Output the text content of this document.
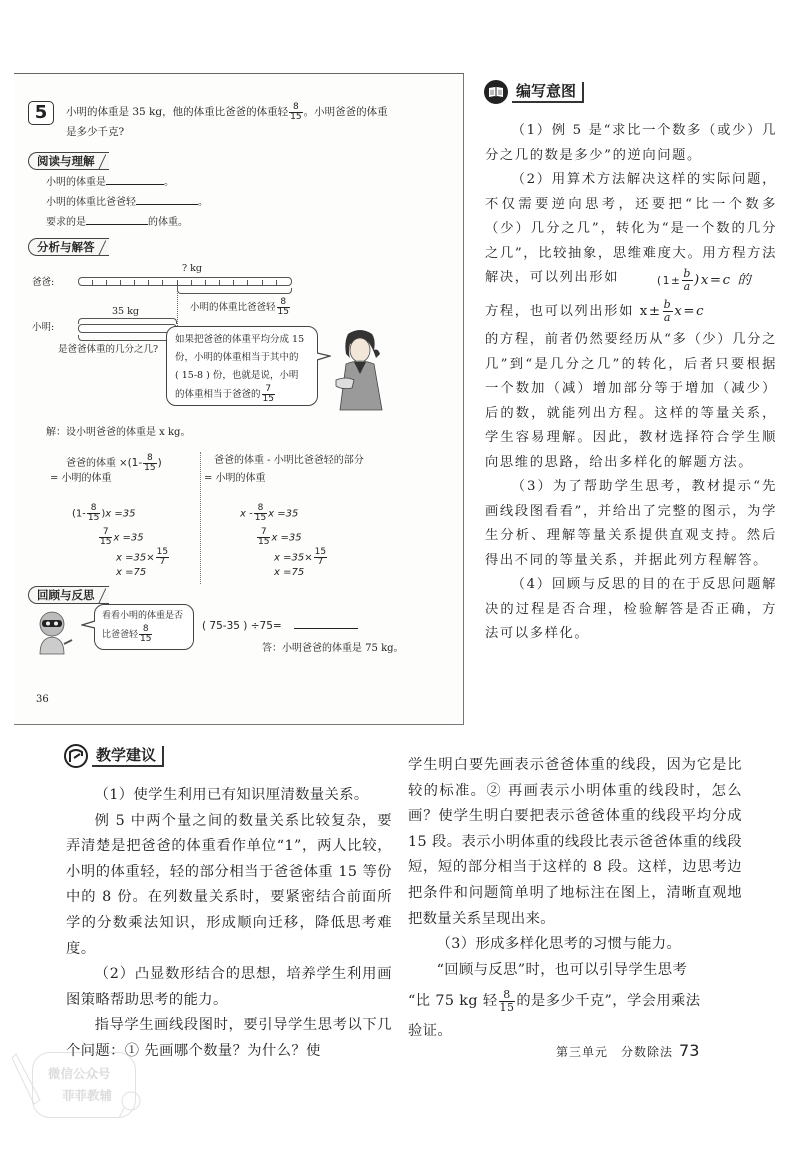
5	小明的体重是 35 kg，他的体重比爸爸的体重轻 $\frac{8}{15}$ 。小明爸爸的体重
是多少千克?
阅读与理解
小明的体重是	。
小明的体重比爸爸轻	。
要求的是	的体重。
分析与解答
? kg
爸爸:
小明的体重比爸爸轻 $\frac{8}{15}$
35 kg
小明:
是爸爸体重的几分之几?
如果把爸爸的体重平均分成 15
份，小明的体重相当于其中的
( 15-8 ) 份，也就是说，小明
的体重相当于爸爸的 $\frac{7}{15}$
解：设小明爸爸的体重是 x kg。
爸爸的体重 $\times(1- \frac{8}{15}$ )
= 小明的体重
$(1- \frac{8}{15} )x =35$
$\frac{7}{15}$ x =35
$x =35\times \frac{15}{7}$
x =75
爸爸的体重 - 小明比爸爸轻的部分
= 小明的体重
x - $\frac{8}{15}$ x =35
$\frac{7}{15}$ x =35
$x =35\times \frac{15}{7}$
x =75
回顾与反思
看看小明的体重是否
比爸爸轻 $\frac{8}{15}$	( 75-35 ) ÷75=
答：小明爸爸的体重是 75 kg。
36
编写意图

（1）例 5 是“求比一个数多（或少）几分之几的数是多少”的逆向问题。

（2）用算术方法解决这样的实际问题，不仅需要逆向思考，还要把“比一个数多（少）几分之几”，转化为“是一个数的几分之几”，比较抽象，思维难度大。用方程方法解决，可以列出形如	$(1\pm \frac{b}{a} )x=c$ 的

方程，也可以列出形如 $x\pm \frac{b}{a} x=c$

的方程，前者仍然要经历从“多（少）几分之几”到“是几分之几”的转化，后者只要根据一个数加（减）增加部分等于增加（减少）后的数，就能列出方程。这样的等量关系，学生容易理解。因此，教材选择符合学生顺向思维的思路，给出多样化的解题方法。

（3）为了帮助学生思考，教材提示“先画线段图看看”，并给出了完整的图示，为学生分析、理解等量关系提供直观支持。然后得出不同的等量关系，并据此列方程解答。

（4）回顾与反思的目的在于反思问题解决的过程是否合理，检验解答是否正确，方法可以多样化。

教学建议

（1）使学生利用已有知识厘清数量关系。

例 5 中两个量之间的数量关系比较复杂，要弄清楚是把爸爸的体重看作单位“1”，两人比较，小明的体重轻，轻的部分相当于爸爸体重 15 等份中的 8 份。在列数量关系时，要紧密结合前面所学的分数乘法知识，形成顺向迁移，降低思考难度。

（2）凸显数形结合的思想，培养学生利用画图策略帮助思考的能力。

指导学生画线段图时，要引导学生思考以下几个问题：① 先画哪个数量？为什么？使

学生明白要先画表示爸爸体重的线段，因为它是比较的标准。② 再画表示小明体重的线段时，怎么画？使学生明白要把表示爸爸体重的线段平均分成 15 段。表示小明体重的线段比表示爸爸体重的线段短，短的部分相当于这样的 8 段。这样，边思考边把条件和问题简单明了地标注在图上，清晰直观地把数量关系呈现出来。

（3）形成多样化思考的习惯与能力。

“回顾与反思”时，也可以引导学生思考

“比 75 kg 轻 $\frac{8}{15}$ 的是多少千克”，学会用乘法

验证。

第三单元　分数除法 73
微信公众号
菲菲教辅
